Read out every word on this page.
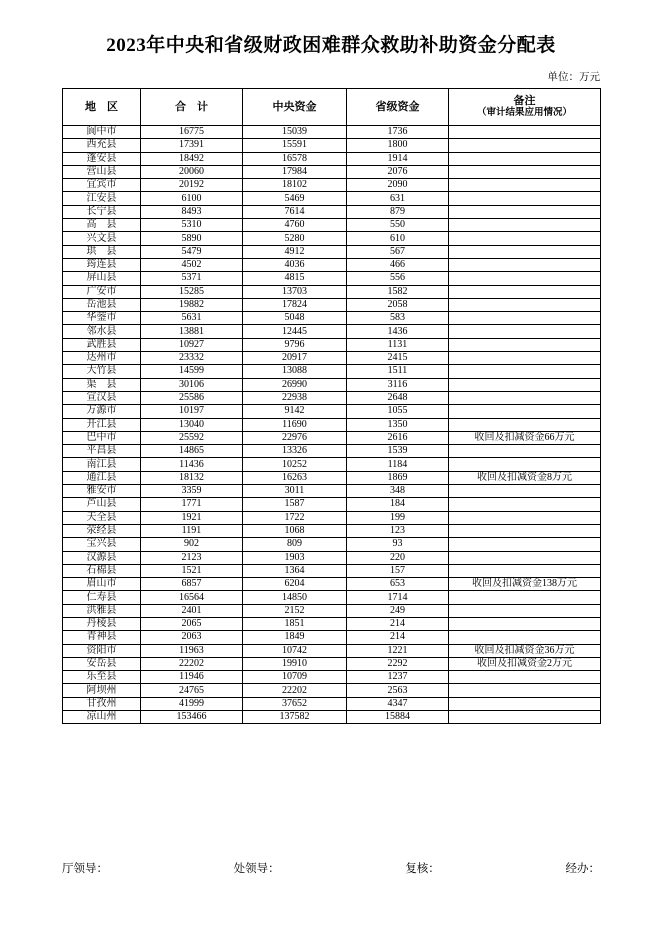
2023年中央和省级财政困难群众救助补助资金分配表
单位：万元
地　区	合　计	中央资金	省级资金	备注
（审计结果应用情况）

阆中市	16775	15039	1736	
西充县	17391	15591	1800	
蓬安县	18492	16578	1914	
营山县	20060	17984	2076	
宜宾市	20192	18102	2090	
江安县	6100	5469	631	
长宁县	8493	7614	879	
高　县	5310	4760	550	
兴文县	5890	5280	610	
珙　县	5479	4912	567	
筠连县	4502	4036	466	
屏山县	5371	4815	556	
广安市	15285	13703	1582	
岳池县	19882	17824	2058	
华蓥市	5631	5048	583	
邻水县	13881	12445	1436	
武胜县	10927	9796	1131	
达州市	23332	20917	2415	
大竹县	14599	13088	1511	
渠　县	30106	26990	3116	
宣汉县	25586	22938	2648	
万源市	10197	9142	1055	
开江县	13040	11690	1350	
巴中市	25592	22976	2616	收回及扣减资金66万元
平昌县	14865	13326	1539	
南江县	11436	10252	1184	
通江县	18132	16263	1869	收回及扣减资金8万元
雅安市	3359	3011	348	
芦山县	1771	1587	184	
天全县	1921	1722	199	
荥经县	1191	1068	123	
宝兴县	902	809	93	
汉源县	2123	1903	220	
石棉县	1521	1364	157	
眉山市	6857	6204	653	收回及扣减资金138万元
仁寿县	16564	14850	1714	
洪雅县	2401	2152	249	
丹棱县	2065	1851	214	
青神县	2063	1849	214	
资阳市	11963	10742	1221	收回及扣减资金36万元
安岳县	22202	19910	2292	收回及扣减资金2万元
乐至县	11946	10709	1237	
阿坝州	24765	22202	2563	
甘孜州	41999	37652	4347	
凉山州	153466	137582	15884	
厅领导：	处领导：	复核：	经办：
